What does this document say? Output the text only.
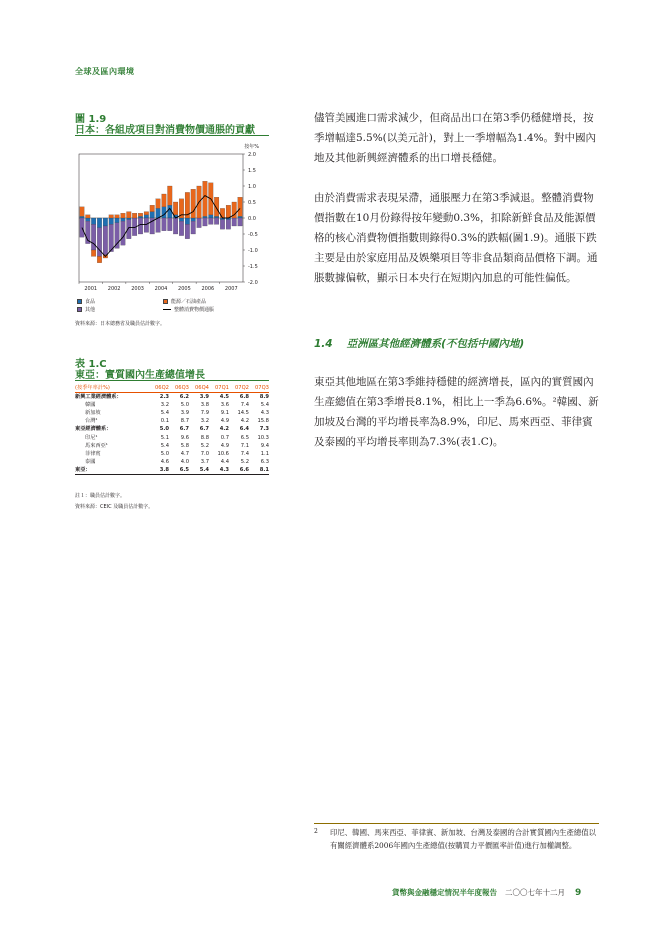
全球及區內環境
圖 1.9
日本：各組成項目對消費物價通脹的貢獻
按年%
2.0
1.5
1.0
0.5
0.0
-0.5
-1.0
-1.5
-2.0
2001 2002 2003 2004 2005 2006 2007
食品
其他
能源／石油產品
整體消費物價通脹
資料來源：日本總務省及職員估計數字。
表 1.C
東亞：實質國內生產總值增長
(按季年率計%)	06Q2	06Q3	06Q4	07Q1	07Q2	07Q3
新興工業經濟體系：	2.3	6.2	3.9	4.5	6.8	8.9
韓國	3.2	5.0	3.8	3.6	7.4	5.4
新加坡	5.4	3.9	7.9	9.1	14.5	4.3
台灣¹	0.1	8.7	3.2	4.9	4.2	15.8
東亞經濟體系：	5.0	6.7	6.7	4.2	6.4	7.3
印尼¹	5.1	9.6	8.8	0.7	6.5	10.3
馬來西亞¹	5.4	5.8	5.2	4.9	7.1	9.4
菲律賓	5.0	4.7	7.0	10.6	7.4	1.1
泰國	4.6	4.0	3.7	4.4	5.2	6.3
東亞：	3.8	6.5	5.4	4.3	6.6	8.1
註１：職員估計數字。
資料來源：CEIC 及職員估計數字。
儘管美國進口需求減少，但商品出口在第3季仍穩健增長，按季增幅達5.5%(以美元計)，對上一季增幅為1.4%。對中國內地及其他新興經濟體系的出口增長穩健。
由於消費需求表現呆滯，通脹壓力在第3季減退。整體消費物價指數在10月份錄得按年變動0.3%，扣除新鮮食品及能源價格的核心消費物價指數則錄得0.3%的跌幅(圖1.9)。通脹下跌主要是由於家庭用品及娛樂項目等非食品類商品價格下調。通脹數據偏軟，顯示日本央行在短期內加息的可能性偏低。
1.4 亞洲區其他經濟體系(不包括中國內地)
東亞其他地區在第3季維持穩健的經濟增長，區內的實質國內生產總值在第3季增長8.1%，相比上一季為6.6%。²韓國、新加坡及台灣的平均增長率為8.9%，印尼、馬來西亞、菲律賓及泰國的平均增長率則為7.3%(表1.C)。
2 印尼、韓國、馬來西亞、菲律賓、新加坡、台灣及泰國的合計實質國內生產總值以有關經濟體系2006年國內生產總值(按購買力平價匯率計值)進行加權調整。
貨幣與金融穩定情況半年度報告 二〇〇七年十二月 9
